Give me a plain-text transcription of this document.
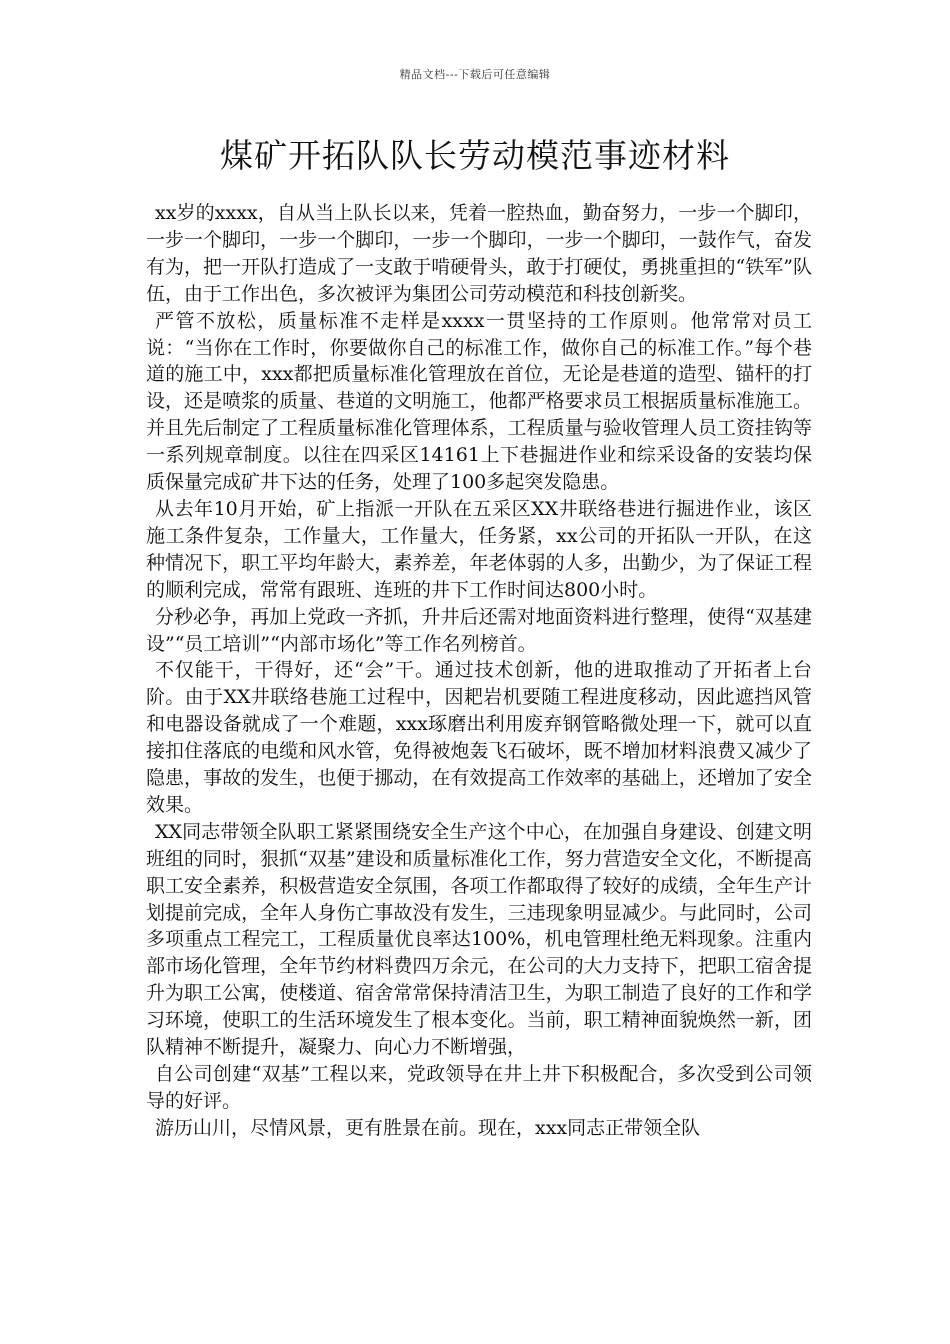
精品文档---下载后可任意编辑
煤矿开拓队队长劳动模范事迹材料

xx岁的xxxx，自从当上队长以来，凭着一腔热血，勤奋努力，一步一个脚印，一步一个脚印，一步一个脚印，一步一个脚印，一步一个脚印，一鼓作气，奋发有为，把一开队打造成了一支敢于啃硬骨头，敢于打硬仗，勇挑重担的“铁军”队伍，由于工作出色，多次被评为集团公司劳动模范和科技创新奖。

严管不放松，质量标准不走样是xxxx一贯坚持的工作原则。他常常对员工说：“当你在工作时，你要做你自己的标准工作，做你自己的标准工作。”每个巷道的施工中，xxx都把质量标准化管理放在首位，无论是巷道的造型、锚杆的打设，还是喷浆的质量、巷道的文明施工，他都严格要求员工根据质量标准施工。并且先后制定了工程质量标准化管理体系，工程质量与验收管理人员工资挂钩等一系列规章制度。以往在四采区14161上下巷掘进作业和综采设备的安装均保质保量完成矿井下达的任务，处理了100多起突发隐患。

从去年10月开始，矿上指派一开队在五采区XX井联络巷进行掘进作业，该区施工条件复杂，工作量大，工作量大，任务紧，xx公司的开拓队一开队，在这种情况下，职工平均年龄大，素养差，年老体弱的人多，出勤少，为了保证工程的顺利完成，常常有跟班、连班的井下工作时间达800小时。

分秒必争，再加上党政一齐抓，升井后还需对地面资料进行整理，使得“双基建设”“员工培训”“内部市场化”等工作名列榜首。

不仅能干，干得好，还“会”干。通过技术创新，他的进取推动了开拓者上台阶。由于XX井联络巷施工过程中，因耙岩机要随工程进度移动，因此遮挡风管和电器设备就成了一个难题，xxx琢磨出利用废弃钢管略微处理一下，就可以直接扣住落底的电缆和风水管，免得被炮轰飞石破坏，既不增加材料浪费又减少了隐患，事故的发生，也便于挪动，在有效提高工作效率的基础上，还增加了安全效果。

XX同志带领全队职工紧紧围绕安全生产这个中心，在加强自身建设、创建文明班组的同时，狠抓“双基”建设和质量标准化工作，努力营造安全文化，不断提高职工安全素养，积极营造安全氛围，各项工作都取得了较好的成绩，全年生产计划提前完成，全年人身伤亡事故没有发生，三违现象明显减少。与此同时，公司多项重点工程完工，工程质量优良率达100%，机电管理杜绝无料现象。注重内部市场化管理，全年节约材料费四万余元，在公司的大力支持下，把职工宿舍提升为职工公寓，使楼道、宿舍常常保持清洁卫生，为职工制造了良好的工作和学习环境，使职工的生活环境发生了根本变化。当前，职工精神面貌焕然一新，团队精神不断提升，凝聚力、向心力不断增强，

自公司创建“双基”工程以来，党政领导在井上井下积极配合，多次受到公司领导的好评。

游历山川，尽情风景，更有胜景在前。现在，xxx同志正带领全队
